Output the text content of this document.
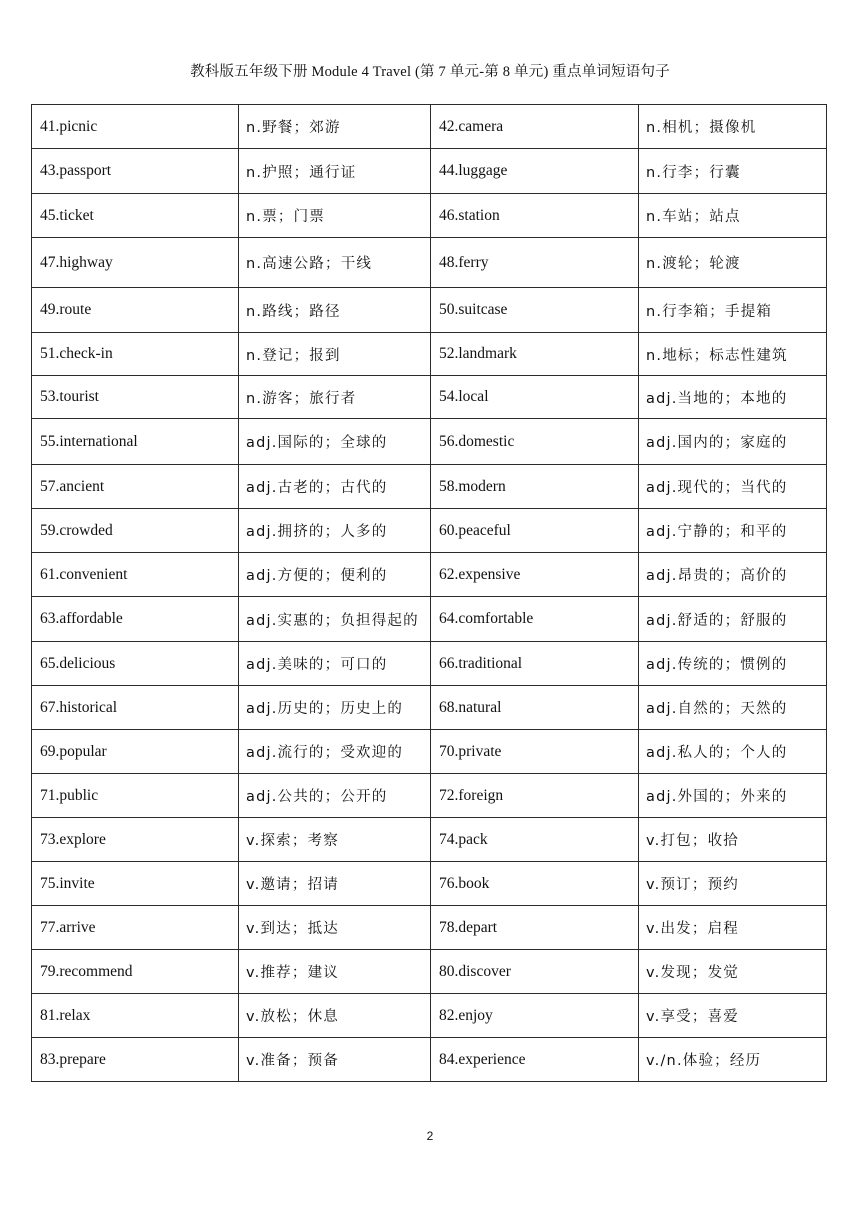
教科版五年级下册 Module 4 Travel (第 7 单元-第 8 单元) 重点单词短语句子
41.picnic	n.野餐；郊游	42.camera	n.相机；摄像机
43.passport	n.护照；通行证	44.luggage	n.行李；行囊
45.ticket	n.票；门票	46.station	n.车站；站点
47.highway	n.高速公路；干线	48.ferry	n.渡轮；轮渡
49.route	n.路线；路径	50.suitcase	n.行李箱；手提箱
51.check-in	n.登记；报到	52.landmark	n.地标；标志性建筑
53.tourist	n.游客；旅行者	54.local	adj.当地的；本地的
55.international	adj.国际的；全球的	56.domestic	adj.国内的；家庭的
57.ancient	adj.古老的；古代的	58.modern	adj.现代的；当代的
59.crowded	adj.拥挤的；人多的	60.peaceful	adj.宁静的；和平的
61.convenient	adj.方便的；便利的	62.expensive	adj.昂贵的；高价的
63.affordable	adj.实惠的；负担得起的	64.comfortable	adj.舒适的；舒服的
65.delicious	adj.美味的；可口的	66.traditional	adj.传统的；惯例的
67.historical	adj.历史的；历史上的	68.natural	adj.自然的；天然的
69.popular	adj.流行的；受欢迎的	70.private	adj.私人的；个人的
71.public	adj.公共的；公开的	72.foreign	adj.外国的；外来的
73.explore	v.探索；考察	74.pack	v.打包；收拾
75.invite	v.邀请；招请	76.book	v.预订；预约
77.arrive	v.到达；抵达	78.depart	v.出发；启程
79.recommend	v.推荐；建议	80.discover	v.发现；发觉
81.relax	v.放松；休息	82.enjoy	v.享受；喜爱
83.prepare	v.准备；预备	84.experience	v./n.体验；经历
2
